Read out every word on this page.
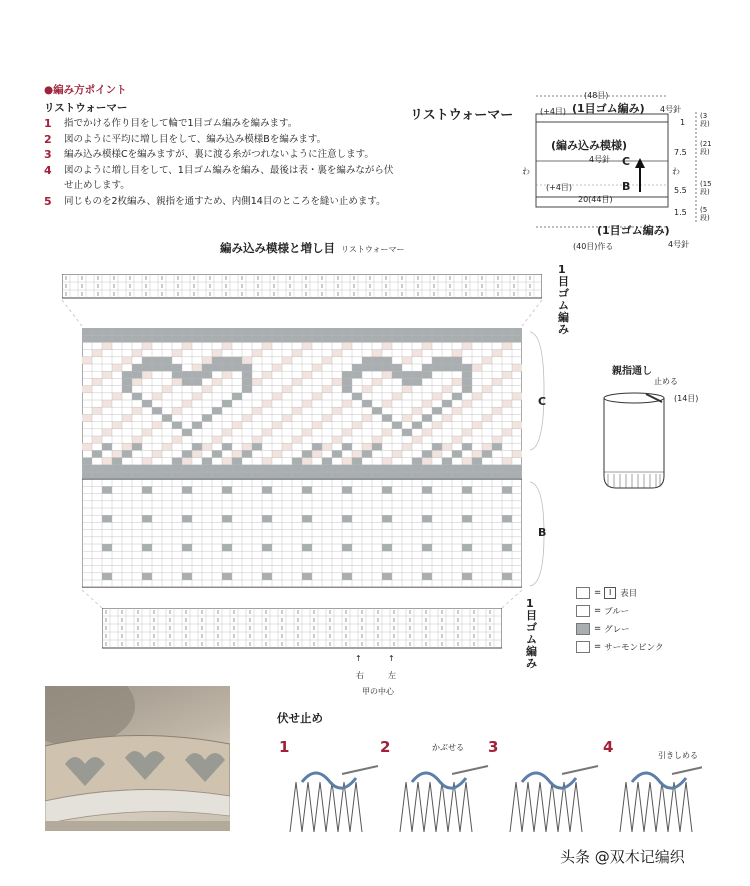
●編み方ポイント
リストウォーマー
1	指でかける作り目をして輪で1目ゴム編みを編みます。
2	図のように平均に増し目をして、編み込み模様Bを編みます。
3	編み込み模様Cを編みますが、裏に渡る糸がつれないように注意します。
4	図のように増し目をして、1目ゴム編みを編み、最後は表・裏を編みながら伏せ止めします。
5	同じものを2枚編み、親指を通すため、内側14目のところを縫い止めます。
リストウォーマー
(48目)
(+4目) (1目ゴム編み) 4号針
(編み込み模様)
4号針 C
B
(+4目)
20(44目)
(1目ゴム編み)
(40目)作る	4号針
わ	わ
1
7.5
5.5
1.5
(3段)
(21段)
(15段)
(5段)
編み込み模様と増し目 リストウォーマー
C
B
1目ゴム編み
1目ゴム編み
↑	↑
右	左
甲の中心
親指通し
止める
(14目)
= I	表目
= ブルー
= グレー
= サーモンピンク
伏せ止め
1	2	3	4
かぶせる
引きしめる
头条 @双木记编织
